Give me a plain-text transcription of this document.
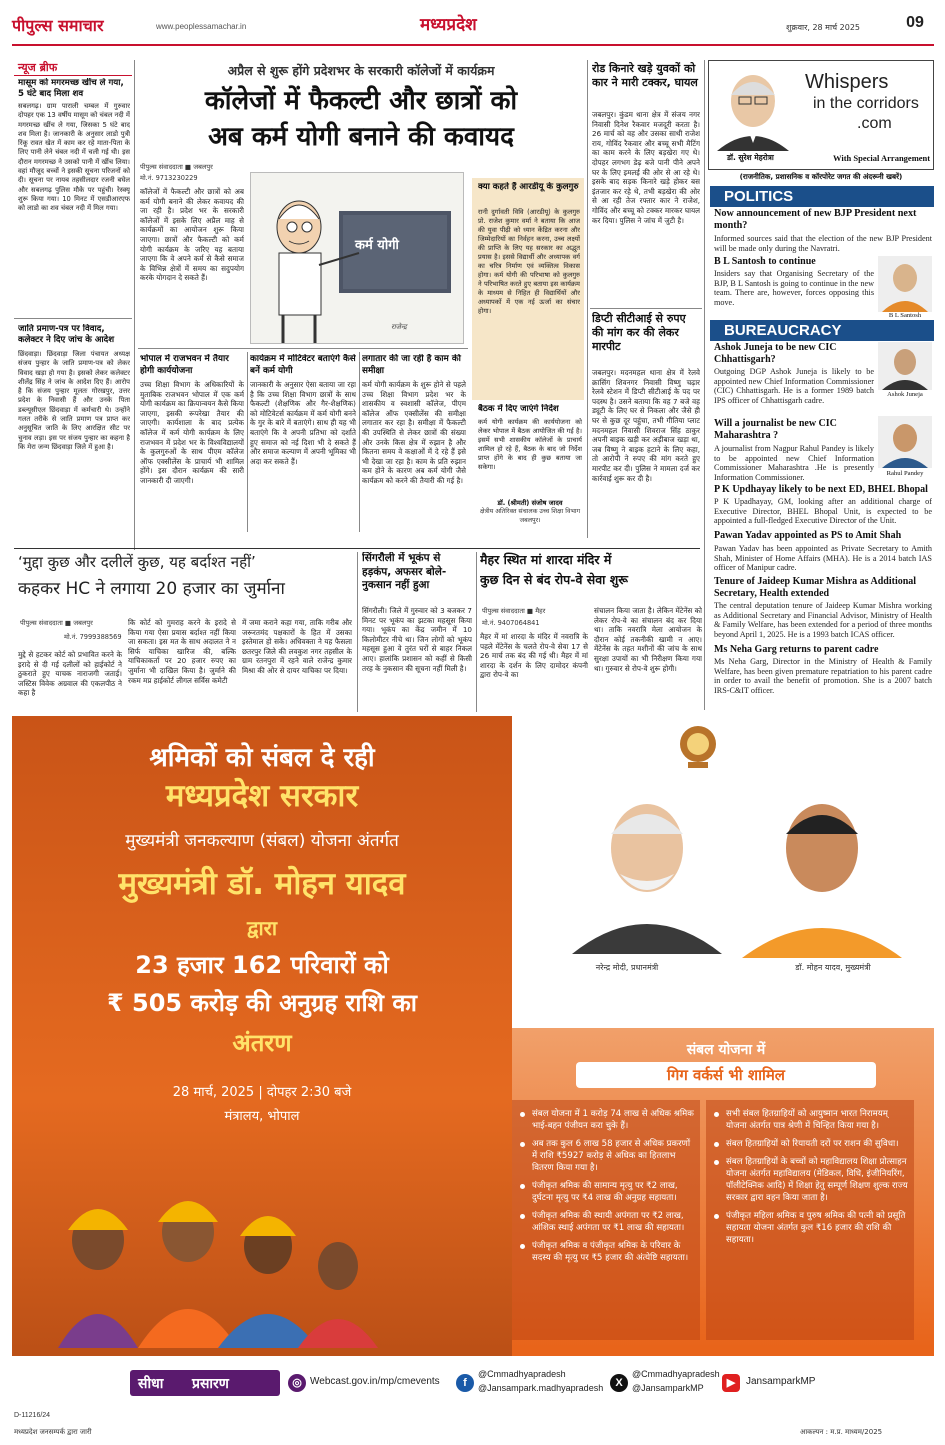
पीपुल्स समाचार	www.peoplessamachar.in	मध्यप्रदेश	शुक्रवार, 28 मार्च 2025	09
न्यूज ब्रीफ
मासूम को मगरमच्छ खींच ले गया, 5 घंटे बाद मिला शव
सबलगढ़। ग्राम पाराली चम्बल में गुरुवार दोपहर एक 13 वर्षीय मासूम को चंबल नदी में मगरमच्छ खींच ले गया, जिसका 5 घंटे बाद शव मिला है। जानकारी के अनुसार लाडो पुत्री रिंकू रावत खेत में काम कर रहे माता-पिता के लिए पानी लेने चंबल नदी में चली गई थी। इस दौरान मगरमच्छ ने उसको पानी में खींच लिया। वहां मौजूद बच्चों ने इसकी सूचना परिजनों को दी। सूचना पर नायब तहसीलदार रजनी बघेल और सबलगढ़ पुलिस मौके पर पहुंची। रेस्क्यू शुरू किया गया। 10 मिनट में एसडीआरएफ को लाडो का शव चंबल नदी में मिल गया।
जाति प्रमाण-पत्र पर विवाद, कलेक्टर ने दिए जांच के आदेश
छिंदवाड़ा। छिंदवाड़ा जिला पंचायत अध्यक्ष संजय पुन्हार के जाति प्रमाण-पत्र को लेकर विवाद खड़ा हो गया है। इसको लेकर कलेक्टर शीलेंद्र सिंह ने जांच के आदेश दिए हैं। आरोप है कि संजय पुन्हार मूलतः गोरखपुर, उत्तर प्रदेश के निवासी हैं और उनके पिता डब्ल्यूसीएल छिंदवाड़ा में कर्मचारी थे। उन्होंने गलत तरीके से जाति प्रमाण पत्र प्राप्त कर अनुसूचित जाति के लिए आरक्षित सीट पर चुनाव लड़ा। इस पर संजय पुन्हार का कहना है कि मेरा जन्म छिंदवाड़ा जिले में हुआ है।
अप्रैल से शुरू होंगे प्रदेशभर के सरकारी कॉलेजों में कार्यक्रम
कॉलेजों में फैकल्टी और छात्रों को
अब कर्म योगी बनाने की कवायद
पीपुल्स संवाददाता ■ जबलपुर
मो.नं. 9713230229
कॉलेजों में फैकल्टी और छात्रों को अब कर्म योगी बनाने की लेकर कवायद की जा रही है। प्रदेश भर के सरकारी कॉलेजों में इसके लिए अप्रैल माह से कार्यक्रमों का आयोजन शुरू किया जाएगा। छात्रों और फैकल्टी को कर्म योगी कार्यक्रम के जरिए यह बताया जाएगा कि वे अपने कर्म से कैसे समाज के विभिन्न क्षेत्रों में समय का सदुपयोग करके योगदान दे सकते हैं।
कर्म योगी
राजेन्द्र
भोपाल में राजभवन में तैयार होगी कार्ययोजना
उच्च शिक्षा विभाग के अधिकारियों के मुताबिक राजभवन भोपाल में एक कर्म योगी कार्यक्रम का क्रियान्वयन कैसे किया जाएगा, इसकी रूपरेखा तैयार की जाएगी। कार्यशाला के बाद प्रत्येक कॉलेज में कर्म योगी कार्यक्रम के लिए राजभवन में प्रदेश भर के विश्वविद्यालयों के कुलगुरुओं के साथ पीएम कॉलेज ऑफ एक्सीलेंस के प्राचार्य भी शामिल होंगे। इस दौरान कार्यक्रम की सारी जानकारी दी जाएगी।
कार्यक्रम में मोटिवेटर बताएंगे कैसे बनें कर्म योगी
जानकारी के अनुसार ऐसा बताया जा रहा है कि उच्च शिक्षा विभाग छात्रों के साथ फैकल्टी (शैक्षणिक और गैर-शैक्षणिक) को मोटिवेटर्स कार्यक्रम में कर्म योगी बनने के गुर के बारे में बताएंगे। साथ ही यह भी बताएंगे कि वे अपनी प्रतिभा को दर्शाते हुए समाज को नई दिशा भी दे सकते हैं और समाज कल्याण में अपनी भूमिका भी अदा कर सकते हैं।
लगातार की जा रही है काम की समीक्षा
कर्म योगी कार्यक्रम के शुरू होने से पहले उच्च शिक्षा विभाग प्रदेश भर के शासकीय व स्वशासी कॉलेज, पीएम कॉलेज ऑफ एक्सीलेंस की समीक्षा लगातार कर रहा है। समीक्षा में फैकल्टी की उपस्थिति से लेकर छात्रों की संख्या और उनके किस क्षेत्र में रुझान है और कितना समय वे कक्षाओं में दे रहे हैं इसे भी देखा जा रहा है। काम के प्रति रुझान कम होने के कारण अब कर्म योगी जैसे कार्यक्रम को करने की तैयारी की गई है।
क्या कहते हैं आरडीयू के कुलगुरु
रानी दुर्गावती विवि (आरडीयू) के कुलगुरु प्रो. राजेश कुमार वर्मा ने बताया कि आज की युवा पीढ़ी को ध्यान केंद्रित करना और जिम्मेदारियों का निर्वहन करना, उच्च लक्ष्यों की प्राप्ति के लिए यह सरकार का अद्भुत प्रयास है। इससे विद्यार्थी और अध्यापक वर्ग का चरित्र निर्माण एवं व्यक्तित्व विकास होगा। कर्म योगी की परिभाषा को कुलगुरु ने परिभाषित करते हुए बताया इस कार्यक्रम के माध्यम से निहित ही विद्यार्थियों और अध्यापकों में एक नई ऊर्जा का संचार होगा।
बैठक में दिए जाएंगे निर्देश
कर्म योगी कार्यक्रम की कार्ययोजना को लेकर भोपाल में बैठक आयोजित की गई है। इसमें सभी शासकीय कॉलेजों के प्राचार्य शामिल हो रहे हैं, बैठक के बाद जो निर्देश प्राप्त होंगे के बाद ही कुछ बताया जा सकेगा।
डॉ. (श्रीमती) संजोष जादव
क्षेत्रीय अतिरिक्त संचालक उच्च शिक्षा विभाग जबलपुर।
रोड किनारे खड़े युवकों को कार ने मारी टक्कर, घायल
जबलपुर। कुंडम थाना क्षेत्र में संजय नगर निवासी दिनेश रैकवार मजदूरी करता है। 26 मार्च को वह और उसका साथी राजेश राय, गोविंद रैकवार और बच्चू सभी मैटिंग का काम करने के लिए बड़खेरा गए थे। दोपहर लगभग डेढ़ बजे पानी पीने अपने घर के लिए इमलई की ओर से आ रहे थे। इसके बाद सड़क किनारे खड़े होकर बस इंतजार कर रहे थे, तभी बड़खेरा की ओर से आ रही तेज रफ्तार कार ने राजेश, गोविंद और बच्चू को टक्कर मारकर घायल कर दिया। पुलिस ने जांच में जुटी है।
डिप्टी सीटीआई से रुपए की मांग कर की लेकर मारपीट
जबलपुर। मदनमहल थाना क्षेत्र में रेलवे क्रासिंग शिवनगर निवासी विष्णु चढ़ार रेलवे स्टेशन में डिप्टी सीटीआई के पद पर पदस्थ है। उसने बताया कि वह 7 बजे वह ड्यूटी के लिए घर से निकला और जैसे ही घर से कुछ दूर पहुंचा, तभी गीतिया प्लाट मदनमहल निवासी शिवराज सिंह ठाकुर अपनी बाइक खड़ी कर अड़ीबाज खड़ा था, जब विष्णु ने बाइक हटाने के लिए कहा, तो आरोपी ने रुपए की मांग करते हुए मारपीट कर दी। पुलिस ने मामला दर्ज कर कार्रवाई शुरू कर दी है।
‘मुद्दा कुछ और दलीलें कुछ, यह बर्दाश्त नहीं’
कहकर HC ने लगाया 20 हजार का जुर्माना
पीपुल्स संवाददाता ■ जबलपुर
मो.नं. 7999388569
मुद्दे से हटकर कोर्ट को प्रभावित करने के इरादे से दी गई दलीलों को हाईकोर्ट ने ठुकराते हुए याचक नाराजगी जताई। जस्टिस विवेक अग्रवाल की एकलपीठ ने कहा है
कि कोर्ट को गुमराह करने के इरादे से किया गया ऐसा प्रयास बर्दाश्त नहीं किया जा सकता। इस मत के साथ अदालत ने न सिर्फ याचिका खारिज की, बल्कि याचिकाकर्ता पर 20 हजार रुपए का जुर्माना भी दाखिल किया है। जुर्माने की रकम मप्र हाईकोर्ट लीगल सर्विस कमेटी
में जमा कराने कहा गया, ताकि गरीब और जरूरतमंद पक्षकारों के हित में उसका इस्तेमाल हो सके। अधिवक्ता ने यह फैसला छतरपुर जिले की लवकुश नगर तहसील के ग्राम रतनपुरा में रहने वाले राजेन्द्र कुमार मिश्रा की ओर से दायर याचिका पर दिया।
सिंगरौली में भूकंप से हड़कंप, अफसर बोले-नुकसान नहीं हुआ
सिंगरौली। जिले में गुरुवार को 3 बजकर 7 मिनट पर भूकंप का झटका महसूस किया गया। भूकंप का केंद्र जमीन में 10 किलोमीटर नीचे था। जिन लोगों को भूकंप महसूस हुआ वे तुरंत घरों से बाहर निकल आए। हालांकि प्रशासन को कहीं से किसी तरह के नुकसान की सूचना नहीं मिली है।
मैहर स्थित मां शारदा मंदिर में
कुछ दिन से बंद रोप-वे सेवा शुरू
पीपुल्स संवाददाता ■ मैहर
मो.नं. 9407064841
मैहर में मां शारदा के मंदिर में नवरात्रि के पहले मेंटेनेंस के चलते रोप-वे सेवा 17 से 26 मार्च तक बंद की गई थी। मैहर में मां शारदा के दर्शन के लिए दामोदर कंपनी द्वारा रोप-वे का
संचालन किया जाता है। लेकिन मेंटेनेंस को लेकर रोप-वे का संचालन बंद कर दिया था। ताकि नवरात्रि मेला आयोजन के दौरान कोई तकनीकी खामी न आए। मेंटेनेंस के तहत मशीनों की जांच के साथ सुरक्षा उपायों का भी निरीक्षण किया गया था। गुरुवार से रोप-वे शुरू होगी।
Whispers
in the corridors
.com
डॉ. सुरेश मेहरोत्रा	With Special Arrangement
(राजनीतिक, प्रशासनिक व कॉरपोरेट जगत की अंदरूनी खबरें)
POLITICS
Now announcement of new BJP President next month?
Informed sources said that the election of the new BJP President will be made only during the Navratri.
B L Santosh to continue
Insiders say that Organising Secretary of the BJP, B L Santosh is going to continue in the new team. There are, however, forces opposing this move.
B L Santosh
BUREAUCRACY
Ashok Juneja to be new CIC Chhattisgarh?
Outgoing DGP Ashok Juneja is likely to be appointed new Chief Information Commissioner (CIC) Chhattisgarh. He is a former 1989 batch IPS officer of Chhattisgarh cadre.
Ashok Juneja
Will a journalist be new CIC Maharashtra ?
A journalist from Nagpur Rahul Pandey is likely to be appointed new Chief Information Commissioner Maharashtra .He is presently Information Commissioner.	Rahul Pandey
P K Updhayay likely to be next ED, BHEL Bhopal
P K Upadhayay, GM, looking after an additional charge of Executive Director, BHEL Bhopal Unit, is expected to be appointed a full-fledged Executive Director of the Unit.
Pawan Yadav appointed as PS to Amit Shah
Pawan Yadav has been appointed as Private Secretary to Amith Shah, Minister of Home Affairs (MHA). He is a 2014 batch IAS officer of Manipur cadre.
Tenure of Jaideep Kumar Mishra as Additional Secretary, Health extended
The central deputation tenure of Jaideep Kumar Mishra working as Additional Secretary and Financial Advisor, Ministry of Health & Family Welfare, has been extended for a period of three months beyond April 1, 2025. He is a 1993 batch ICAS officer.
Ms Neha Garg returns to parent cadre
Ms Neha Garg, Director in the Ministry of Health & Family Welfare, has been given premature repatriation to his parent cadre in order to avail the benefit of promotion. She is a 2007 batch IRS-C&IT officer.
श्रमिकों को संबल दे रही
मध्यप्रदेश सरकार
मुख्यमंत्री जनकल्याण (संबल) योजना अंतर्गत
मुख्यमंत्री डॉ. मोहन यादव
द्वारा
23 हजार 162 परिवारों को
₹ 505 करोड़ की अनुग्रह राशि का
अंतरण
28 मार्च, 2025 | दोपहर 2:30 बजे
मंत्रालय, भोपाल
नरेन्द्र मोदी, प्रधानमंत्री	डॉ. मोहन यादव, मुख्यमंत्री
संबल योजना में
गिग वर्कर्स भी शामिल
संबल योजना में 1 करोड़ 74 लाख से अधिक श्रमिक भाई-बहन पंजीयन करा चुके हैं।
अब तक कुल 6 लाख 58 हजार से अधिक प्रकरणों में राशि ₹5927 करोड़ से अधिक का हितलाभ वितरण किया गया है।
पंजीकृत श्रमिक की सामान्य मृत्यु पर ₹2 लाख, दुर्घटना मृत्यु पर ₹4 लाख की अनुग्रह सहायता।
पंजीकृत श्रमिक की स्थायी अपंगता पर ₹2 लाख, आंशिक स्थाई अपंगता पर ₹1 लाख की सहायता।
पंजीकृत श्रमिक व पंजीकृत श्रमिक के परिवार के सदस्य की मृत्यु पर ₹5 हजार की अंत्येष्टि सहायता।
सभी संबल हितग्राहियों को आयुष्मान भारत निरामयम् योजना अंतर्गत पात्र श्रेणी में चिन्हित किया गया है।
संबल हितग्राहियों को रियायती दरों पर राशन की सुविधा।
संबल हितग्राहियों के बच्चों को महाविद्यालय शिक्षा प्रोत्साहन योजना अंतर्गत महाविद्यालय (मेडिकल, विधि, इंजीनियरिंग, पॉलीटेक्निक आदि) में शिक्षा हेतु सम्पूर्ण शिक्षण शुल्क राज्य सरकार द्वारा वहन किया जाता है।
पंजीकृत महिला श्रमिक व पुरुष श्रमिक की पत्नी को प्रसूति सहायता योजना अंतर्गत कुल ₹16 हजार की राशि की सहायता।
सीधा प्रसारण	◎ Webcast.gov.in/mp/cmevents	f
@Cmmadhyapradesh
@Jansampark.madhyapradesh	X
@Cmmadhyapradesh
@JansamparkMP	▶	JansamparkMP
D-11216/24
मध्यप्रदेश जनसम्पर्क द्वारा जारी	आकल्पन : म.प्र. माध्यम/2025
